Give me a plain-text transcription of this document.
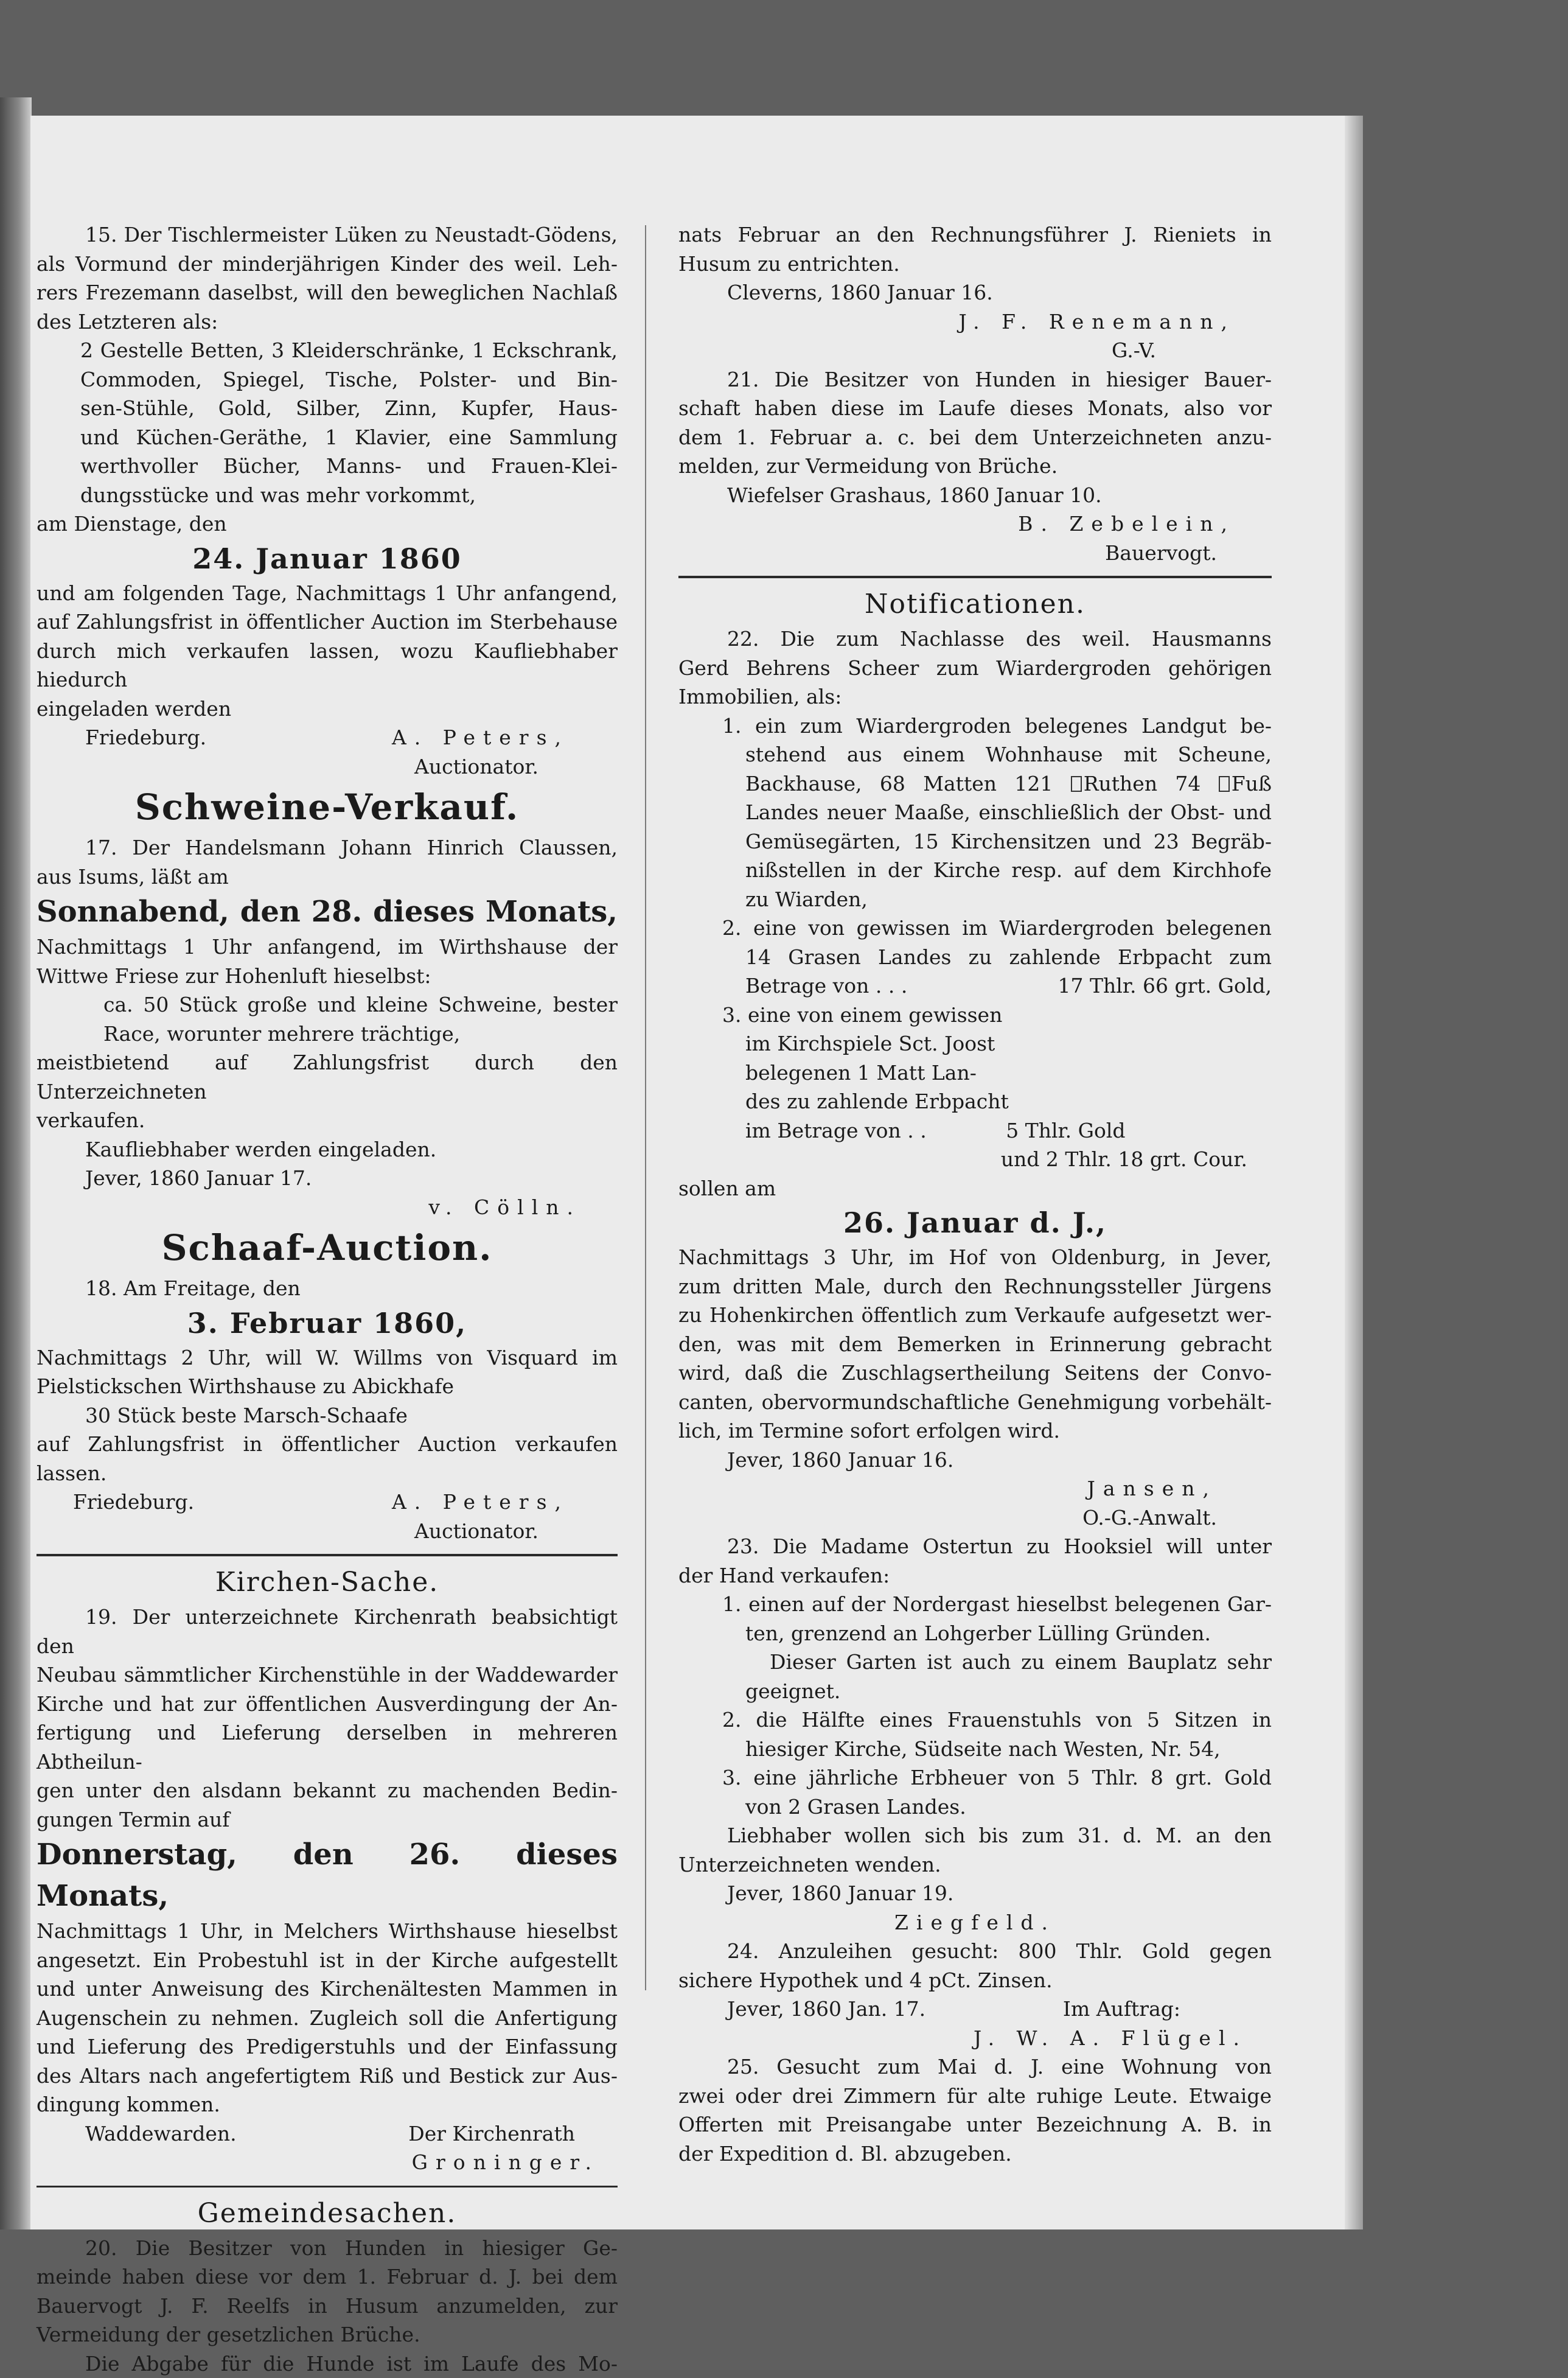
15. Der Tischlermeister Lüken zu Neustadt-Gödens,

als Vormund der minderjährigen Kinder des weil. Leh-

rers Frezemann daselbst, will den beweglichen Nachlaß

des Letzteren als:

2 Gestelle Betten, 3 Kleiderschränke, 1 Eckschrank,

Commoden, Spiegel, Tische, Polster- und Bin-

sen-Stühle, Gold, Silber, Zinn, Kupfer, Haus-

und Küchen-Geräthe, 1 Klavier, eine Sammlung

werthvoller Bücher, Manns- und Frauen-Klei-

dungsstücke und was mehr vorkommt,

am Dienstage, den

24. Januar 1860

und am folgenden Tage, Nachmittags 1 Uhr anfangend,

auf Zahlungsfrist in öffentlicher Auction im Sterbehause

durch mich verkaufen lassen, wozu Kaufliebhaber hiedurch

eingeladen werden

Friedeburg.	A. Peters,

Auctionator.

Schweine-Verkauf.

17. Der Handelsmann Johann Hinrich Claussen,

aus Isums, läßt am

Sonnabend, den 28. dieses Monats,

Nachmittags 1 Uhr anfangend, im Wirthshause der

Wittwe Friese zur Hohenluft hieselbst:

ca. 50 Stück große und kleine Schweine, bester

Race, worunter mehrere trächtige,

meistbietend auf Zahlungsfrist durch den Unterzeichneten

verkaufen.

Kaufliebhaber werden eingeladen.

Jever, 1860 Januar 17.

v. Cölln.

Schaaf-Auction.

18. Am Freitage, den

3. Februar 1860,

Nachmittags 2 Uhr, will W. Willms von Visquard im

Pielstickschen Wirthshause zu Abickhafe

30 Stück beste Marsch-Schaafe

auf Zahlungsfrist in öffentlicher Auction verkaufen lassen.

Friedeburg.	A. Peters,

Auctionator.

Kirchen-Sache.

19. Der unterzeichnete Kirchenrath beabsichtigt den

Neubau sämmtlicher Kirchenstühle in der Waddewarder

Kirche und hat zur öffentlichen Ausverdingung der An-

fertigung und Lieferung derselben in mehreren Abtheilun-

gen unter den alsdann bekannt zu machenden Bedin-

gungen Termin auf

Donnerstag, den 26. dieses Monats,

Nachmittags 1 Uhr, in Melchers Wirthshause hieselbst

angesetzt. Ein Probestuhl ist in der Kirche aufgestellt

und unter Anweisung des Kirchenältesten Mammen in

Augenschein zu nehmen. Zugleich soll die Anfertigung

und Lieferung des Predigerstuhls und der Einfassung

des Altars nach angefertigtem Riß und Bestick zur Aus-

dingung kommen.

Waddewarden.	Der Kirchenrath

Groninger.

Gemeindesachen.

20. Die Besitzer von Hunden in hiesiger Ge-

meinde haben diese vor dem 1. Februar d. J. bei dem

Bauervogt J. F. Reelfs in Husum anzumelden, zur

Vermeidung der gesetzlichen Brüche.

Die Abgabe für die Hunde ist im Laufe des Mo-

nats Februar an den Rechnungsführer J. Rieniets in

Husum zu entrichten.

Cleverns, 1860 Januar 16.

J. F. Renemann,

G.-V.

21. Die Besitzer von Hunden in hiesiger Bauer-

schaft haben diese im Laufe dieses Monats, also vor

dem 1. Februar a. c. bei dem Unterzeichneten anzu-

melden, zur Vermeidung von Brüche.

Wiefelser Grashaus, 1860 Januar 10.

B. Zebelein,

Bauervogt.

Notificationen.

22. Die zum Nachlasse des weil. Hausmanns

Gerd Behrens Scheer zum Wiardergroden gehörigen

Immobilien, als:

1. ein zum Wiardergroden belegenes Landgut be-

stehend aus einem Wohnhause mit Scheune,

Backhause, 68 Matten 121 Ruthen 74 Fuß

Landes neuer Maaße, einschließlich der Obst- und

Gemüsegärten, 15 Kirchensitzen und 23 Begräb-

nißstellen in der Kirche resp. auf dem Kirchhofe

zu Wiarden,

2. eine von gewissen im Wiardergroden belegenen

14 Grasen Landes zu zahlende Erbpacht zum

Betrage von . . .	17 Thlr. 66 grt. Gold,

3. eine von einem gewissen

im Kirchspiele Sct. Joost

belegenen 1 Matt Lan-

des zu zahlende Erbpacht

im Betrage von . .	5 Thlr. Gold

und 2 Thlr. 18 grt. Cour.

sollen am

26. Januar d. J.,

Nachmittags 3 Uhr, im Hof von Oldenburg, in Jever,

zum dritten Male, durch den Rechnungssteller Jürgens

zu Hohenkirchen öffentlich zum Verkaufe aufgesetzt wer-

den, was mit dem Bemerken in Erinnerung gebracht

wird, daß die Zuschlagsertheilung Seitens der Convo-

canten, obervormundschaftliche Genehmigung vorbehält-

lich, im Termine sofort erfolgen wird.

Jever, 1860 Januar 16.

Jansen,

O.-G.-Anwalt.

23. Die Madame Ostertun zu Hooksiel will unter

der Hand verkaufen:

1. einen auf der Nordergast hieselbst belegenen Gar-

ten, grenzend an Lohgerber Lülling Gründen.

Dieser Garten ist auch zu einem Bauplatz sehr

geeignet.

2. die Hälfte eines Frauenstuhls von 5 Sitzen in

hiesiger Kirche, Südseite nach Westen, Nr. 54,

3. eine jährliche Erbheuer von 5 Thlr. 8 grt. Gold

von 2 Grasen Landes.

Liebhaber wollen sich bis zum 31. d. M. an den

Unterzeichneten wenden.

Jever, 1860 Januar 19.

Ziegfeld.

24. Anzuleihen gesucht: 800 Thlr. Gold gegen

sichere Hypothek und 4 pCt. Zinsen.

Jever, 1860 Jan. 17.	Im Auftrag:

J. W. A. Flügel.

25. Gesucht zum Mai d. J. eine Wohnung von

zwei oder drei Zimmern für alte ruhige Leute. Etwaige

Offerten mit Preisangabe unter Bezeichnung A. B. in

der Expedition d. Bl. abzugeben.
